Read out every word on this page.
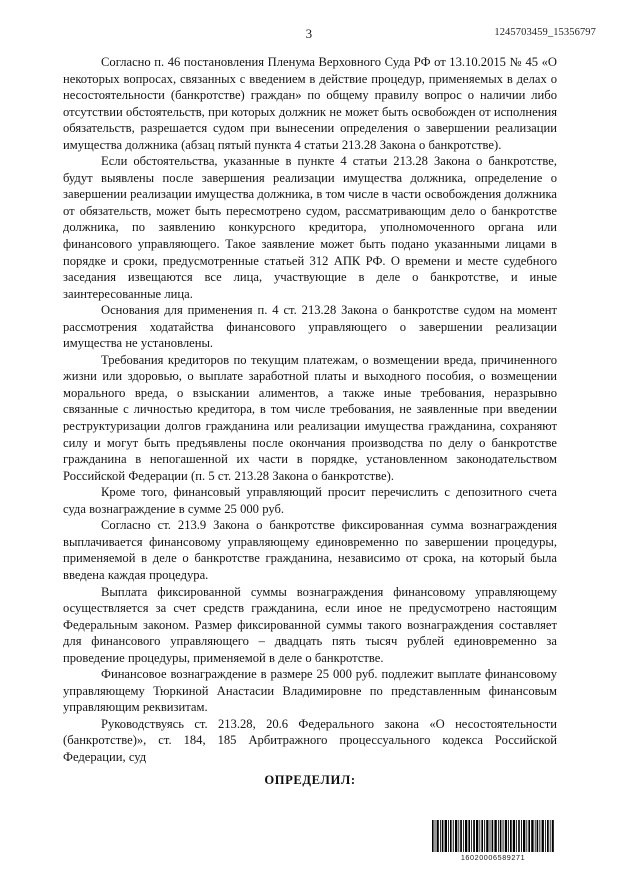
3	1245703459_15356797

Согласно п. 46 постановления Пленума Верховного Суда РФ от 13.10.2015 № 45 «О некоторых вопросах, связанных с введением в действие процедур, применяемых в делах о несостоятельности (банкротстве) граждан» по общему правилу вопрос о наличии либо отсутствии обстоятельств, при которых должник не может быть освобожден от исполнения обязательств, разрешается судом при вынесении определения о завершении реализации имущества должника (абзац пятый пункта 4 статьи 213.28 Закона о банкротстве).

Если обстоятельства, указанные в пункте 4 статьи 213.28 Закона о банкротстве, будут выявлены после завершения реализации имущества должника, определение о завершении реализации имущества должника, в том числе в части освобождения должника от обязательств, может быть пересмотрено судом, рассматривающим дело о банкротстве должника, по заявлению конкурсного кредитора, уполномоченного органа или финансового управляющего. Такое заявление может быть подано указанными лицами в порядке и сроки, предусмотренные статьей 312 АПК РФ. О времени и месте судебного заседания извещаются все лица, участвующие в деле о банкротстве, и иные заинтересованные лица.

Основания для применения п. 4 ст. 213.28 Закона о банкротстве судом на момент рассмотрения ходатайства финансового управляющего о завершении реализации имущества не установлены.

Требования кредиторов по текущим платежам, о возмещении вреда, причиненного жизни или здоровью, о выплате заработной платы и выходного пособия, о возмещении морального вреда, о взыскании алиментов, а также иные требования, неразрывно связанные с личностью кредитора, в том числе требования, не заявленные при введении реструктуризации долгов гражданина или реализации имущества гражданина, сохраняют силу и могут быть предъявлены после окончания производства по делу о банкротстве гражданина в непогашенной их части в порядке, установленном законодательством Российской Федерации (п. 5 ст. 213.28 Закона о банкротстве).

Кроме того, финансовый управляющий просит перечислить с депозитного счета суда вознаграждение в сумме 25 000 руб.

Согласно ст. 213.9 Закона о банкротстве фиксированная сумма вознаграждения выплачивается финансовому управляющему единовременно по завершении процедуры, применяемой в деле о банкротстве гражданина, независимо от срока, на который была введена каждая процедура.

Выплата фиксированной суммы вознаграждения финансовому управляющему осуществляется за счет средств гражданина, если иное не предусмотрено настоящим Федеральным законом. Размер фиксированной суммы такого вознаграждения составляет для финансового управляющего – двадцать пять тысяч рублей единовременно за проведение процедуры, применяемой в деле о банкротстве.

Финансовое вознаграждение в размере 25 000 руб. подлежит выплате финансовому управляющему Тюркиной Анастасии Владимировне по представленным финансовым управляющим реквизитам.

Руководствуясь ст. 213.28, 20.6 Федерального закона «О несостоятельности (банкротстве)», ст. 184, 185 Арбитражного процессуального кодекса Российской Федерации, суд

ОПРЕДЕЛИЛ:

16020006589271
